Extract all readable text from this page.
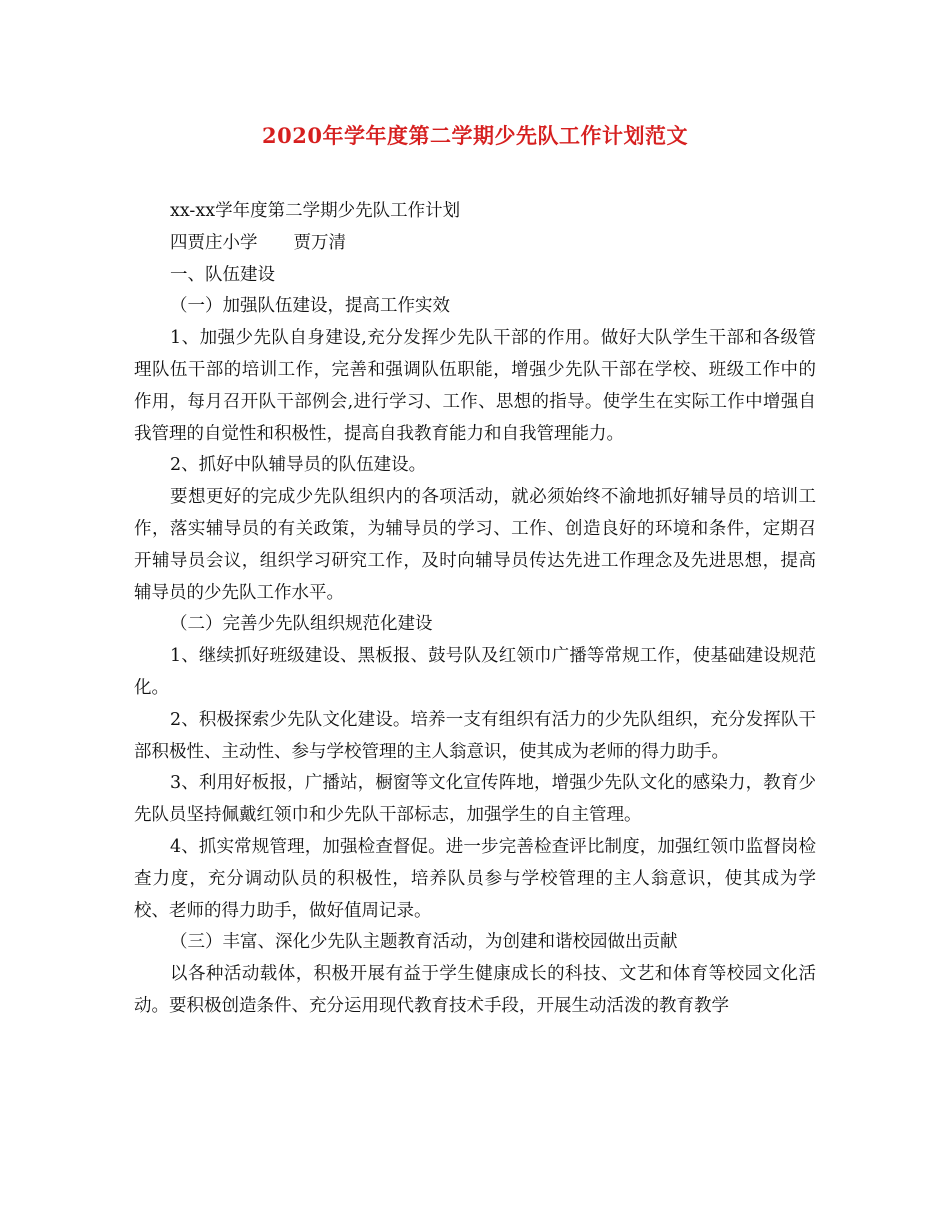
2020年学年度第二学期少先队工作计划范文

xx-xx学年度第二学期少先队工作计划

四贾庄小学 贾万清

一、队伍建设

（一）加强队伍建设，提高工作实效

1、加强少先队自身建设,充分发挥少先队干部的作用。做好大队学生干部和各级管理队伍干部的培训工作，完善和强调队伍职能，增强少先队干部在学校、班级工作中的作用，每月召开队干部例会,进行学习、工作、思想的指导。使学生在实际工作中增强自我管理的自觉性和积极性，提高自我教育能力和自我管理能力。

2、抓好中队辅导员的队伍建设。

要想更好的完成少先队组织内的各项活动，就必须始终不渝地抓好辅导员的培训工作，落实辅导员的有关政策，为辅导员的学习、工作、创造良好的环境和条件，定期召开辅导员会议，组织学习研究工作，及时向辅导员传达先进工作理念及先进思想，提高辅导员的少先队工作水平。

（二）完善少先队组织规范化建设

1、继续抓好班级建设、黑板报、鼓号队及红领巾广播等常规工作，使基础建设规范化。

2、积极探索少先队文化建设。培养一支有组织有活力的少先队组织，充分发挥队干部积极性、主动性、参与学校管理的主人翁意识，使其成为老师的得力助手。

3、利用好板报，广播站，橱窗等文化宣传阵地，增强少先队文化的感染力，教育少先队员坚持佩戴红领巾和少先队干部标志，加强学生的自主管理。

4、抓实常规管理，加强检查督促。进一步完善检查评比制度，加强红领巾监督岗检查力度，充分调动队员的积极性，培养队员参与学校管理的主人翁意识，使其成为学校、老师的得力助手，做好值周记录。

（三）丰富、深化少先队主题教育活动，为创建和谐校园做出贡献

以各种活动载体，积极开展有益于学生健康成长的科技、文艺和体育等校园文化活动。要积极创造条件、充分运用现代教育技术手段，开展生动活泼的教育教学
